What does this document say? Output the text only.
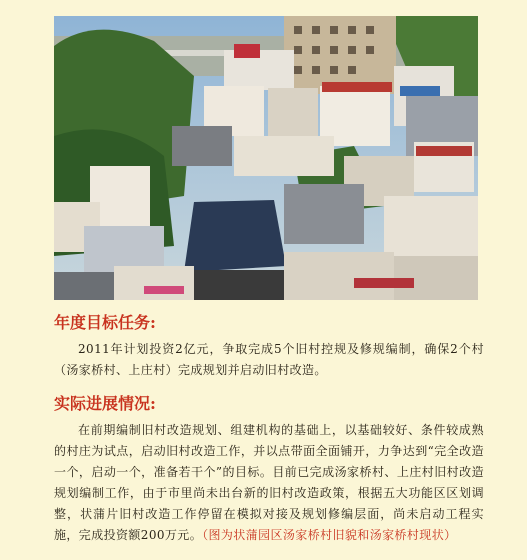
年度目标任务:

2011年计划投资2亿元，争取完成5个旧村控规及修规编制，确保2个村（汤家桥村、上庄村）完成规划并启动旧村改造。

实际进展情况:

在前期编制旧村改造规划、组建机构的基础上，以基础较好、条件较成熟的村庄为试点，启动旧村改造工作，并以点带面全面铺开，力争达到“完全改造一个，启动一个，准备若干个”的目标。目前已完成汤家桥村、上庄村旧村改造规划编制工作，由于市里尚未出台新的旧村改造政策，根据五大功能区区划调整，状蒲片旧村改造工作停留在模拟对接及规划修编层面，尚未启动工程实施，完成投资额200万元。（图为状蒲园区汤家桥村旧貌和汤家桥村现状）
